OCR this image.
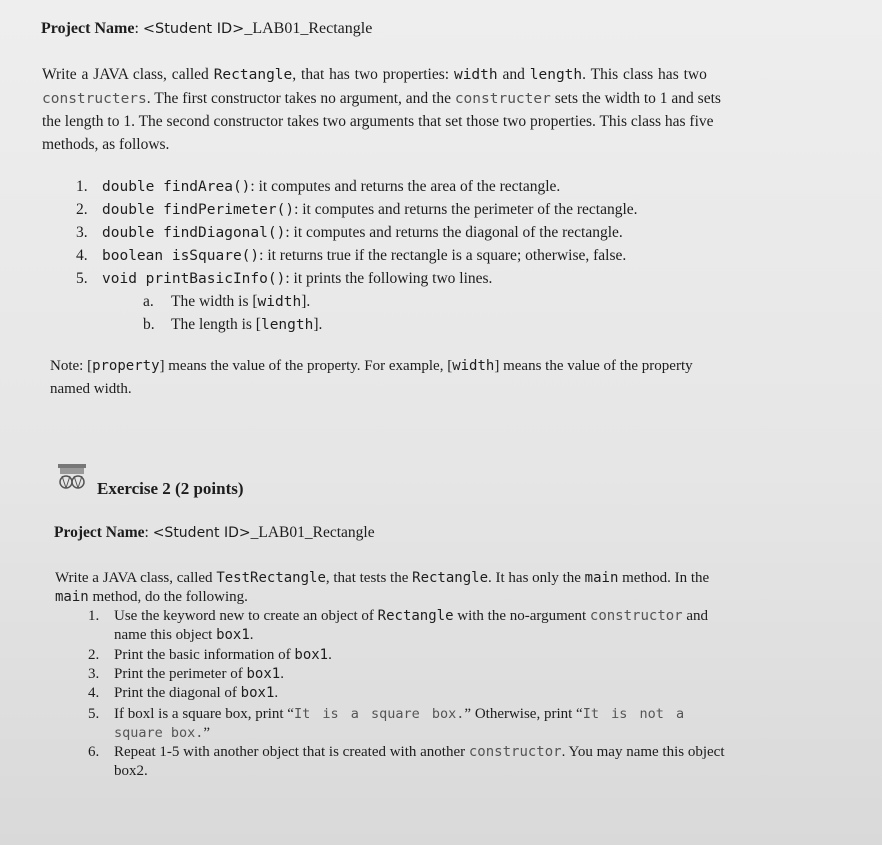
Project Name: <Student ID>_LAB01_Rectangle
Write a JAVA class, called Rectangle, that has two properties: width and length. This class has two
constructers. The first constructor takes no argument, and the constructer sets the width to 1 and sets
the length to 1. The second constructor takes two arguments that set those two properties. This class has five
methods, as follows.
1. double findArea(): it computes and returns the area of the rectangle.
2. double findPerimeter(): it computes and returns the perimeter of the rectangle.
3. double findDiagonal(): it computes and returns the diagonal of the rectangle.
4. boolean isSquare(): it returns true if the rectangle is a square; otherwise, false.
5. void printBasicInfo(): it prints the following two lines.
a. The width is [width].
b. The length is [length].
Note: [property] means the value of the property. For example, [width] means the value of the property
named width.
Exercise 2 (2 points)
Project Name: <Student ID>_LAB01_Rectangle
Write a JAVA class, called TestRectangle, that tests the Rectangle. It has only the main method. In the
main method, do the following.
1. Use the keyword new to create an object of Rectangle with the no-argument constructor and
name this object box1.
2. Print the basic information of box1.
3. Print the perimeter of box1.
4. Print the diagonal of box1.
5. If boxl is a square box, print “It is a square box.” Otherwise, print “It is not a
square box.”
6. Repeat 1-5 with another object that is created with another constructor. You may name this object
box2.
